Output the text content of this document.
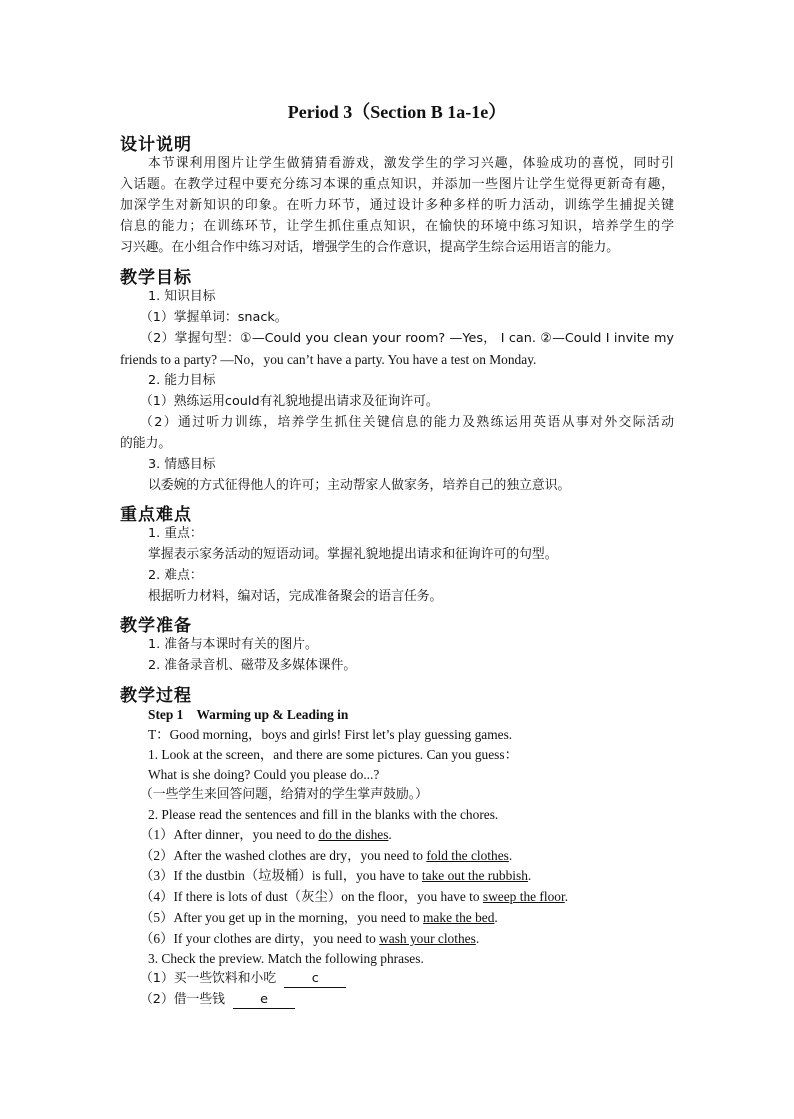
Period 3（Section B 1a-1e）
设计说明
本节课利用图片让学生做猜猜看游戏，激发学生的学习兴趣，体验成功的喜悦，同时引
入话题。在教学过程中要充分练习本课的重点知识，并添加一些图片让学生觉得更新奇有趣，
加深学生对新知识的印象。在听力环节，通过设计多种多样的听力活动，训练学生捕捉关键
信息的能力；在训练环节，让学生抓住重点知识，在愉快的环境中练习知识，培养学生的学
习兴趣。在小组合作中练习对话，增强学生的合作意识，提高学生综合运用语言的能力。
教学目标
1. 知识目标
（1）掌握单词：snack。
（2）掌握句型：①—Could you clean your room? —Yes， I can. ②—Could I invite my
friends to a party? —No，you can’t have a party. You have a test on Monday.
2. 能力目标
（1）熟练运用could有礼貌地提出请求及征询许可。
（2）通过听力训练，培养学生抓住关键信息的能力及熟练运用英语从事对外交际活动
的能力。
3. 情感目标
以委婉的方式征得他人的许可；主动帮家人做家务，培养自己的独立意识。
重点难点
1. 重点：
掌握表示家务活动的短语动词。掌握礼貌地提出请求和征询许可的句型。
2. 难点：
根据听力材料，编对话，完成准备聚会的语言任务。
教学准备
1. 准备与本课时有关的图片。
2. 准备录音机、磁带及多媒体课件。
教学过程
Step 1    Warming up & Leading in
T：Good morning，boys and girls! First let’s play guessing games.
1. Look at the screen，and there are some pictures. Can you guess：
What is she doing? Could you please do...?
（一些学生来回答问题，给猜对的学生掌声鼓励。）
2. Please read the sentences and fill in the blanks with the chores.
（1）After dinner，you need to do the dishes.
（2）After the washed clothes are dry，you need to fold the clothes.
（3）If the dustbin（垃圾桶）is full，you have to take out the rubbish.
（4）If there is lots of dust（灰尘）on the floor，you have to sweep the floor.
（5）After you get up in the morning，you need to make the bed.
（6）If your clothes are dirty，you need to wash your clothes.
3. Check the preview. Match the following phrases.
（1）买一些饮料和小吃	c
（2）借一些钱	e
